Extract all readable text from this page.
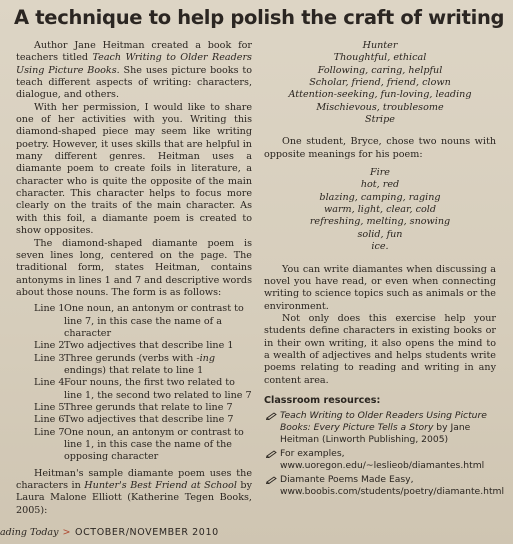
A technique to help polish the craft of writing

Author Jane Heitman created a book for teachers titled Teach Writing to Older Readers Using Picture Books. She uses picture books to teach different aspects of writing: characters, dialogue, and others.

With her permission, I would like to share one of her activities with you. Writing this diamond-shaped piece may seem like writing poetry. However, it uses skills that are helpful in many different genres. Heitman uses a diamante poem to create foils in literature, a character who is quite the opposite of the main character. This character helps to focus more clearly on the traits of the main character. As with this foil, a diamante poem is created to show opposites.

The diamond-shaped diamante poem is seven lines long, centered on the page. The traditional form, states Heitman, contains antonyms in lines 1 and 7 and descriptive words about those nouns. The form is as follows:

Line 1 One noun, an antonym or contrast to line 7, in this case the name of a character
Line 2 Two adjectives that describe line 1
Line 3 Three gerunds (verbs with -ing endings) that relate to line 1
Line 4 Four nouns, the first two related to line 1, the second two related to line 7
Line 5 Three gerunds that relate to line 7
Line 6 Two adjectives that describe line 7
Line 7 One noun, an antonym or contrast to line 1, in this case the name of the opposing character

Heitman's sample diamante poem uses the characters in Hunter's Best Friend at School by Laura Malone Elliott (Katherine Tegen Books, 2005):

Hunter
Thoughtful, ethical
Following, caring, helpful
Scholar, friend, friend, clown
Attention-seeking, fun-loving, leading
Mischievous, troublesome
Stripe

One student, Bryce, chose two nouns with opposite meanings for his poem:

Fire
hot, red
blazing, camping, raging
warm, light, clear, cold
refreshing, melting, snowing
solid, fun
ice.

You can write diamantes when discussing a novel you have read, or even when connecting writing to science topics such as animals or the environment.

Not only does this exercise help your students define characters in existing books or in their own writing, it also opens the mind to a wealth of adjectives and helps students write poems relating to reading and writing in any content area.

Classroom resources:
Teach Writing to Older Readers Using Picture Books: Every Picture Tells a Story by Jane Heitman (Linworth Publishing, 2005)
For examples, www.uoregon.edu/~leslieob/diamantes.html
Diamante Poems Made Easy, www.boobis.com/students/poetry/diamante.html
ading Today > OCTOBER/NOVEMBER 2010
